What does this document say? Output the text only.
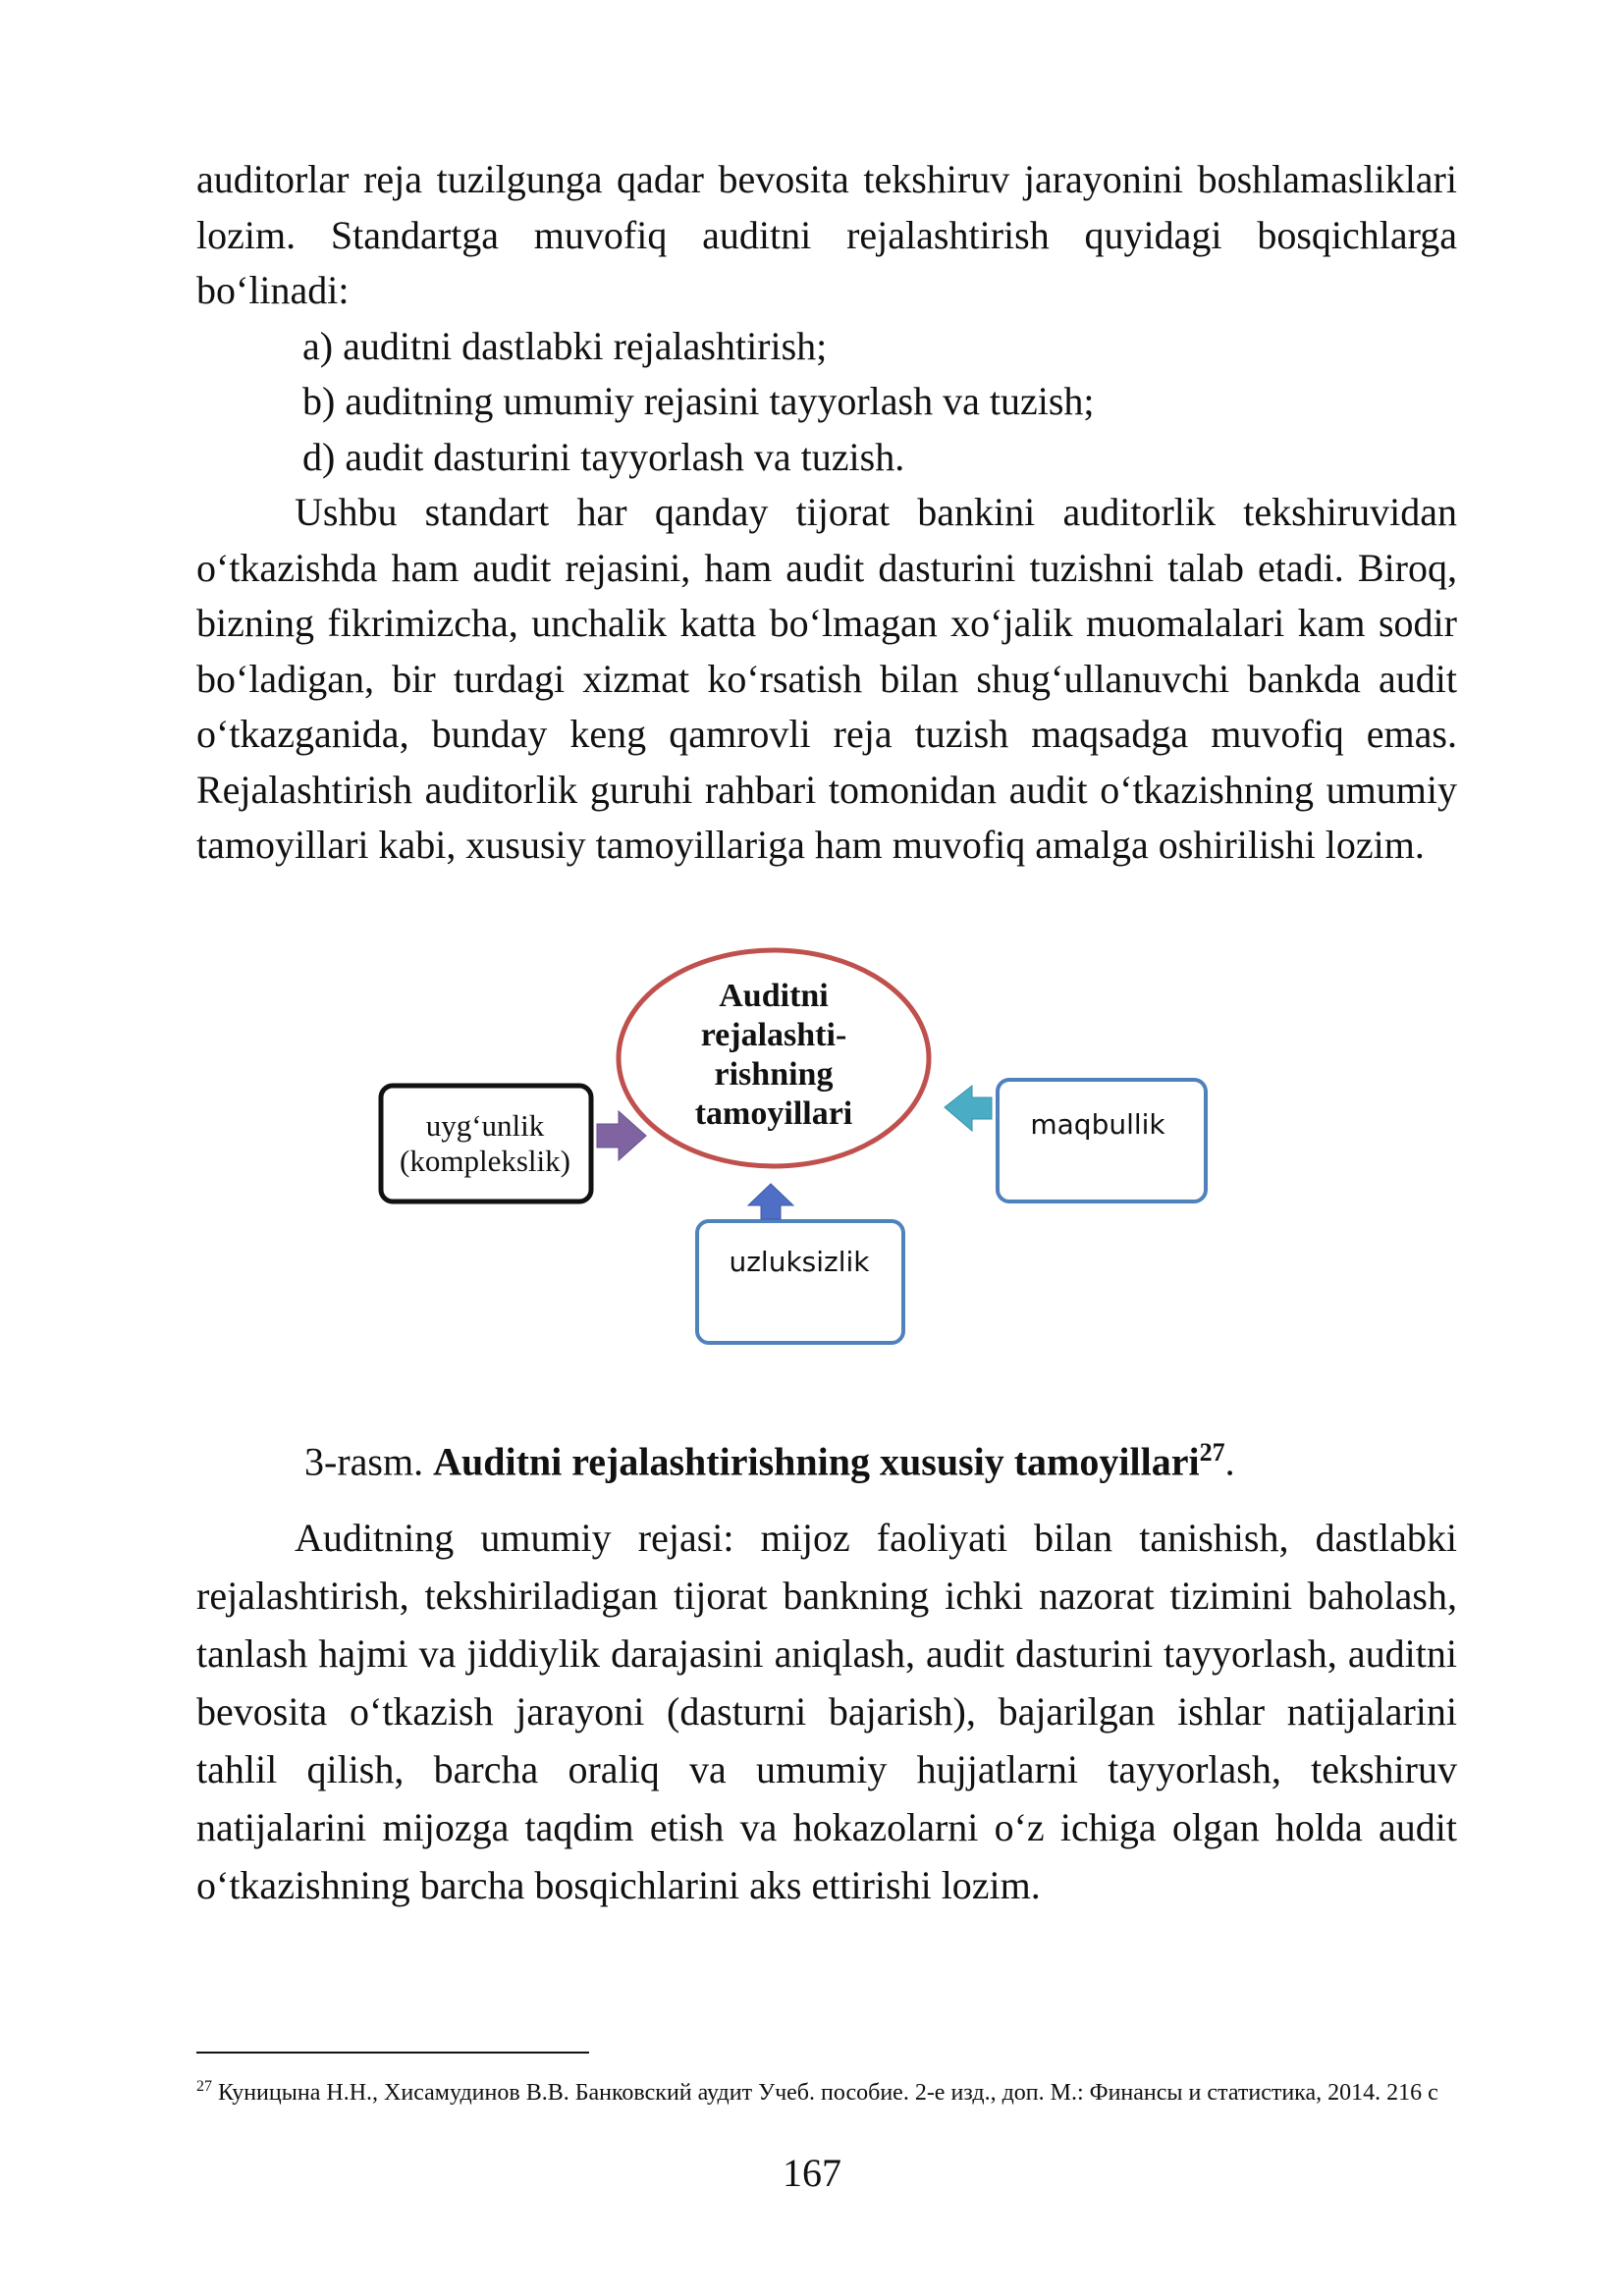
auditorlar reja tuzilgunga qadar bevosita tekshiruv jarayonini boshlamasliklari lozim. Standartga muvofiq auditni rejalashtirish quyidagi bosqichlarga bo‘linadi:

a) auditni dastlabki rejalashtirish;

b) auditning umumiy rejasini tayyorlash va tuzish;

d) audit dasturini tayyorlash va tuzish.

Ushbu standart har qanday tijorat bankini auditorlik tekshiruvidan o‘tkazishda ham audit rejasini, ham audit dasturini tuzishni talab etadi. Biroq, bizning fikrimizcha, unchalik katta bo‘lmagan xo‘jalik muomalalari kam sodir bo‘ladigan, bir turdagi xizmat ko‘rsatish bilan shug‘ullanuvchi bankda audit o‘tkazganida, bunday keng qamrovli reja tuzish maqsadga muvofiq emas. Rejalashtirish auditorlik guruhi rahbari tomonidan audit o‘tkazishning umumiy tamoyillari kabi, xususiy tamoyillariga ham muvofiq amalga oshirilishi lozim.

Auditni
rejalashti-
rishning
tamoyillari
uyg‘unlik
(komplekslik)
maqbullik
uzluksizlik
3-rasm. Auditni rejalashtirishning xususiy tamoyillari$^{27}$.

Auditning umumiy rejasi: mijoz faoliyati bilan tanishish, dastlabki rejalashtirish, tekshiriladigan tijorat bankning ichki nazorat tizimini baholash, tanlash hajmi va jiddiylik darajasini aniqlash, audit dasturini tayyorlash, auditni bevosita o‘tkazish jarayoni (dasturni bajarish), bajarilgan ishlar natijalarini tahlil qilish, barcha oraliq va umumiy hujjatlarni tayyorlash, tekshiruv natijalarini mijozga taqdim etish va hokazolarni o‘z ichiga olgan holda audit o‘tkazishning barcha bosqichlarini aks ettirishi lozim.

$^{27}$ Куницына Н.Н., Хисамудинов В.В. Банковский аудит Учеб. пособие. 2-е изд., доп. М.: Финансы и статистика, 2014. 216 с
167
